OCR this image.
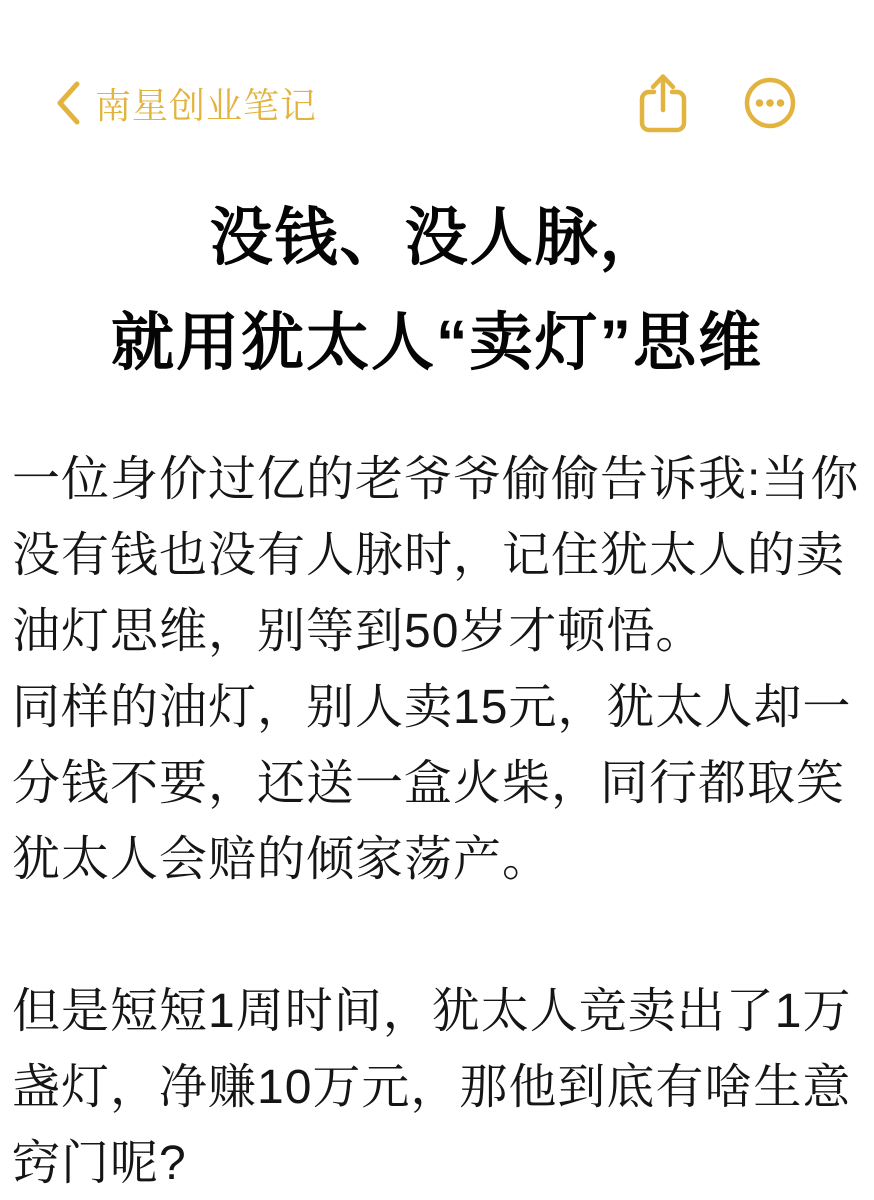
南星创业笔记
没钱、没人脉，
就用犹太人“卖灯”思维

一位身价过亿的老爷爷偷偷告诉我:当你没有钱也没有人脉时，记住犹太人的卖油灯思维，别等到50岁才顿悟。

同样的油灯，别人卖15元，犹太人却一分钱不要，还送一盒火柴，同行都取笑犹太人会赔的倾家荡产。

但是短短1周时间，犹太人竞卖出了1万盏灯，净赚10万元，那他到底有啥生意窍门呢?
